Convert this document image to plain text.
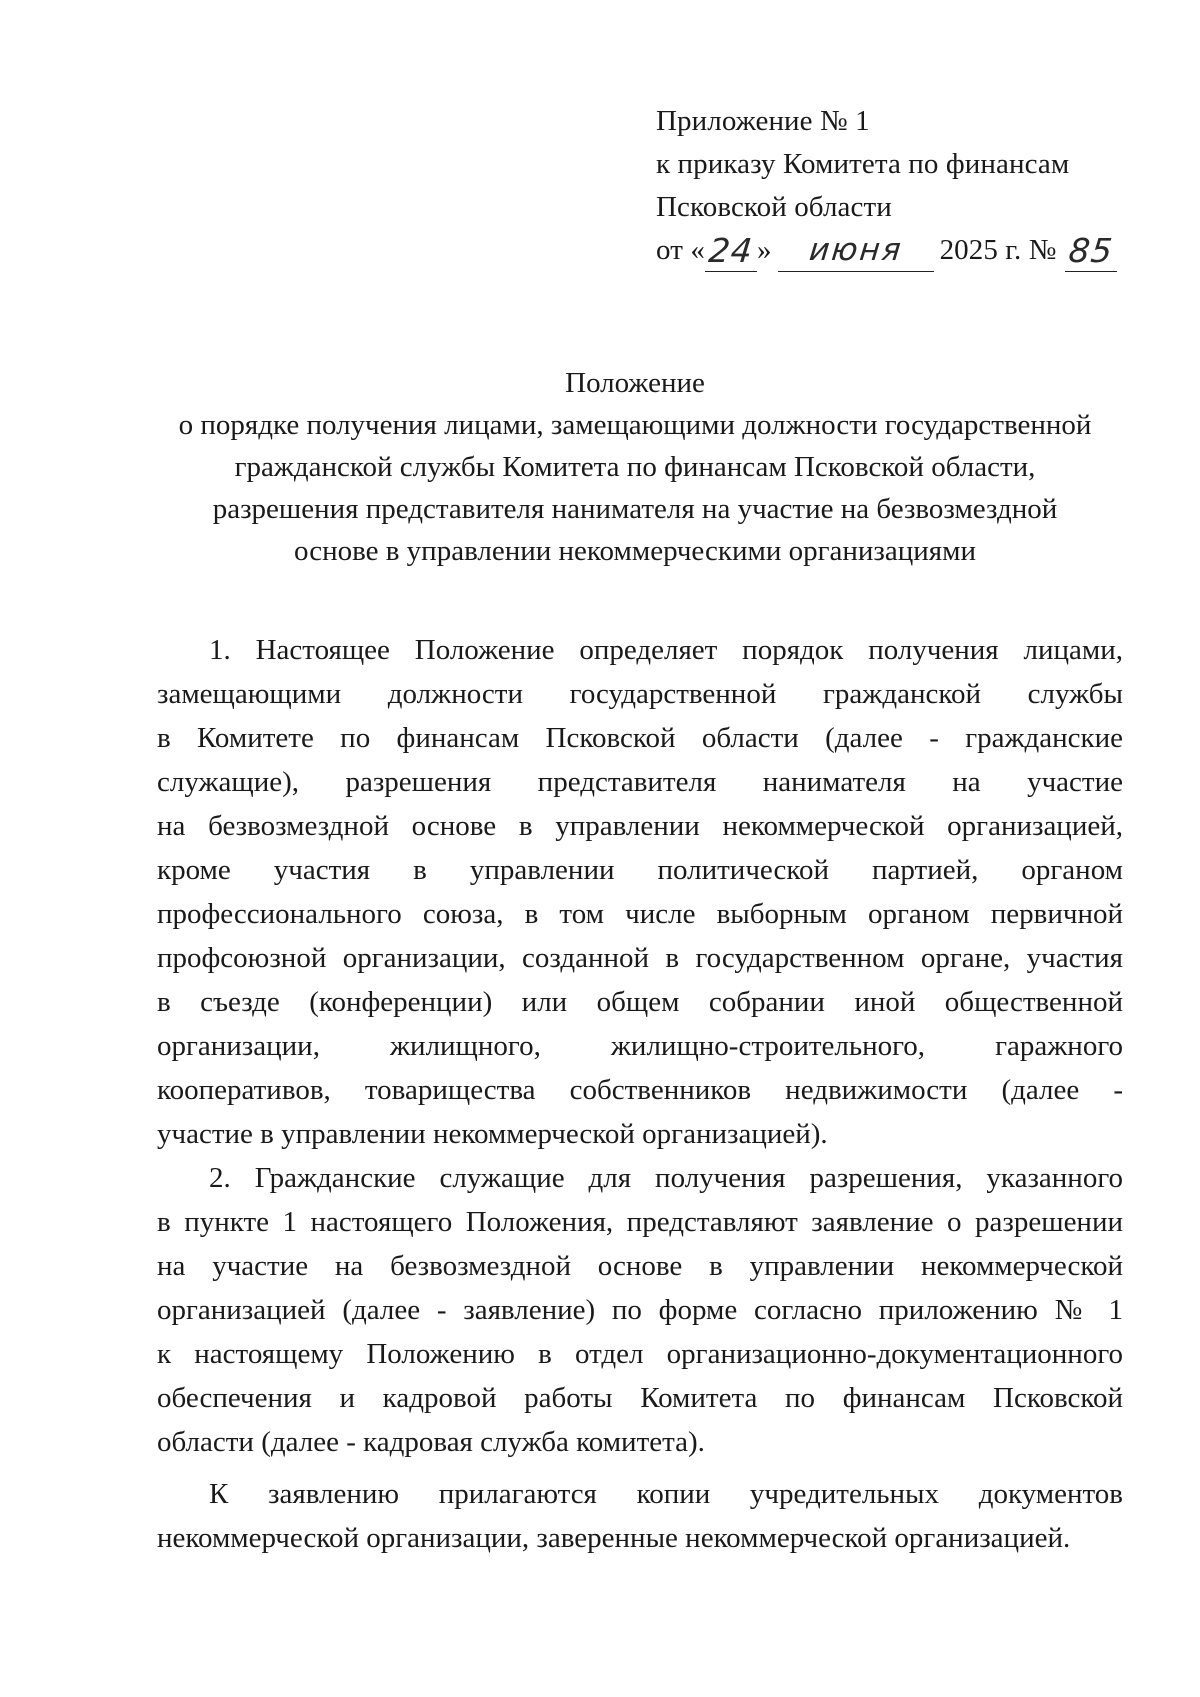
Приложение № 1
к приказу Комитета по финансам
Псковской области
от « 24 »	июня	2025 г. № 85
Положение
о порядке получения лицами, замещающими должности государственной
гражданской службы Комитета по финансам Псковской области,
разрешения представителя нанимателя на участие на безвозмездной
основе в управлении некоммерческими организациями
1. Настоящее Положение определяет порядок получения лицами,
замещающими должности государственной гражданской службы
в Комитете по финансам Псковской области (далее - гражданские
служащие), разрешения представителя нанимателя на участие
на безвозмездной основе в управлении некоммерческой организацией,
кроме участия в управлении политической партией, органом
профессионального союза, в том числе выборным органом первичной
профсоюзной организации, созданной в государственном органе, участия
в съезде (конференции) или общем собрании иной общественной
организации, жилищного, жилищно-строительного, гаражного
кооперативов, товарищества собственников недвижимости (далее -
участие в управлении некоммерческой организацией).
2. Гражданские служащие для получения разрешения, указанного
в пункте 1 настоящего Положения, представляют заявление о разрешении
на участие на безвозмездной основе в управлении некоммерческой
организацией (далее - заявление) по форме согласно приложению № 1
к настоящему Положению в отдел организационно-документационного
обеспечения и кадровой работы Комитета по финансам Псковской
области (далее - кадровая служба комитета).
К заявлению прилагаются копии учредительных документов
некоммерческой организации, заверенные некоммерческой организацией.
